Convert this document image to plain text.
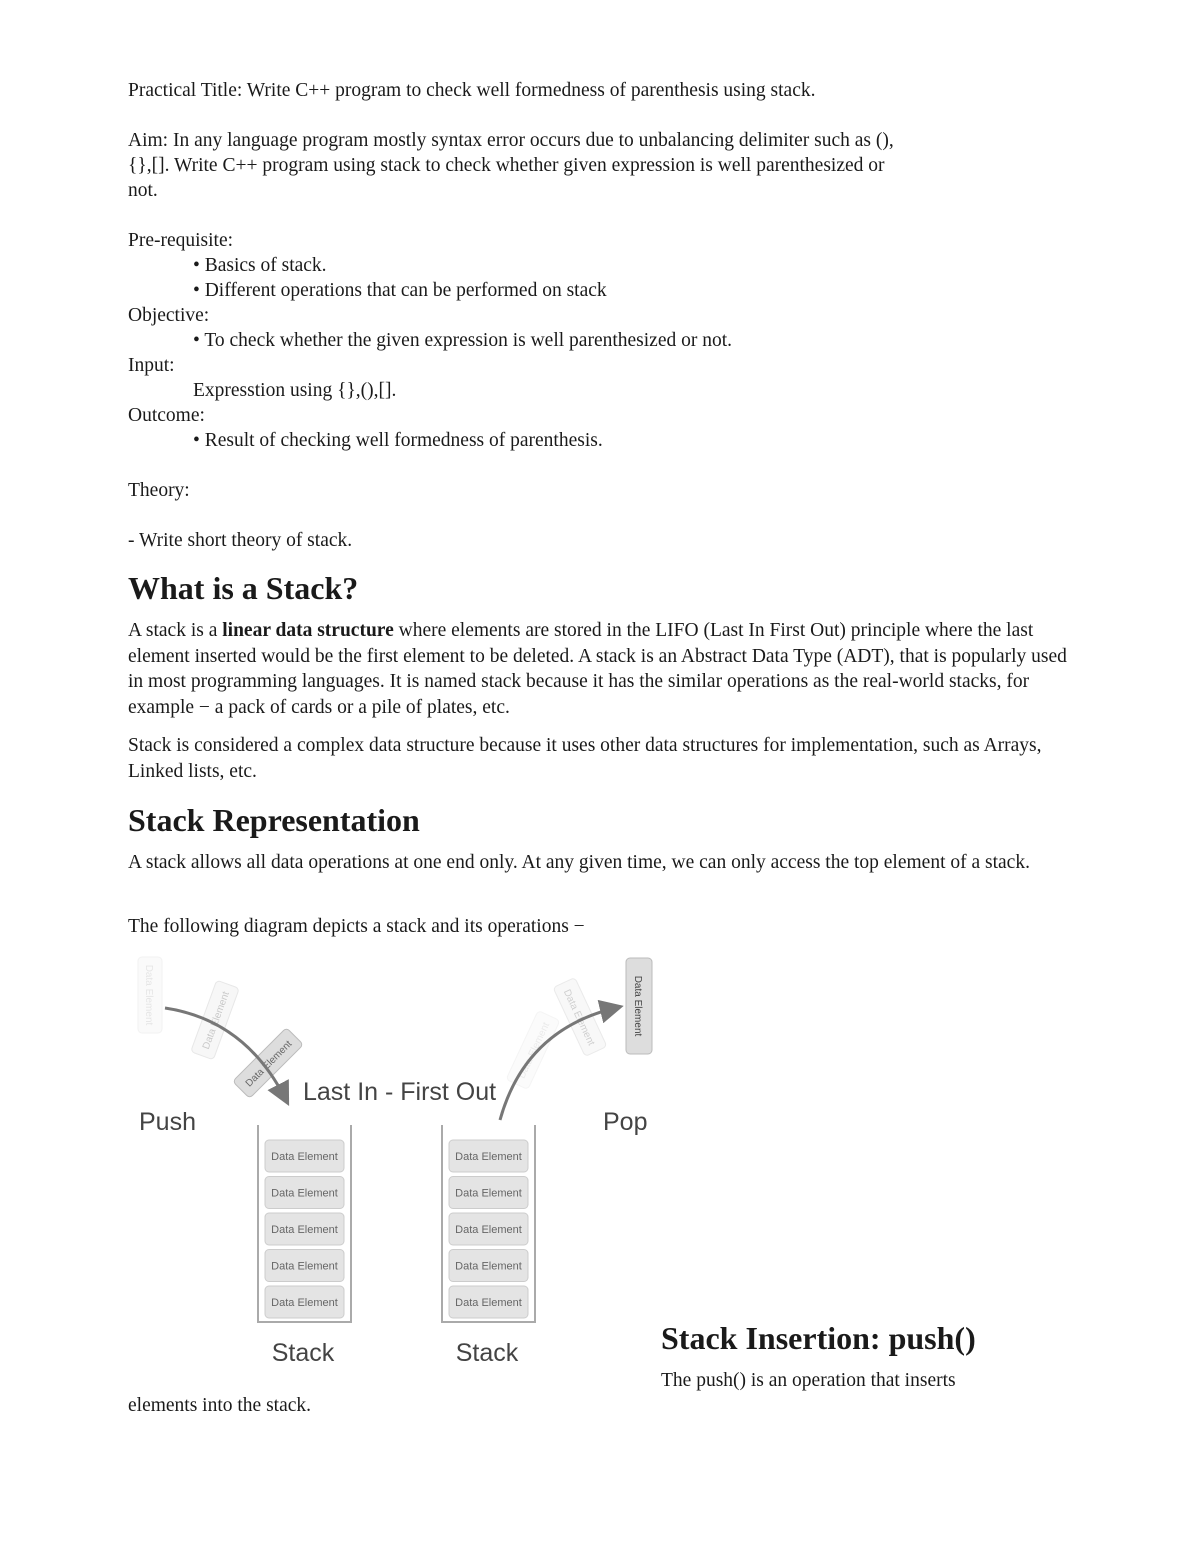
Practical Title: Write C++ program to check well formedness of parenthesis using stack.
Aim: In any language program mostly syntax error occurs due to unbalancing delimiter such as (),
{},[]. Write C++ program using stack to check whether given expression is well parenthesized or
not.
Pre-requisite:
• Basics of stack.
• Different operations that can be performed on stack
Objective:
• To check whether the given expression is well parenthesized or not.
Input:
Expresstion using {},(),[].
Outcome:
• Result of checking well formedness of parenthesis.
Theory:
- Write short theory of stack.
What is a Stack?
A stack is a linear data structure where elements are stored in the LIFO (Last In First Out) principle where the last element inserted would be the first element to be deleted. A stack is an Abstract Data Type (ADT), that is popularly used in most programming languages. It is named stack because it has the similar operations as the real-world stacks, for example − a pack of cards or a pile of plates, etc.
Stack is considered a complex data structure because it uses other data structures for implementation, such as Arrays, Linked lists, etc.
Stack Representation
A stack allows all data operations at one end only. At any given time, we can only access the top element of a stack.
The following diagram depicts a stack and its operations −
Data Element	Data Element
Data Element	Data Element
Data Element	Data Element
Last In - First Out
Push	Pop
Data Element
Data Element
Data Element
Data Element
Data Element
Data Element
Data Element
Data Element
Data Element
Data Element
Stack	Stack	Stack Insertion: push()
The push() is an operation that inserts
elements into the stack.
